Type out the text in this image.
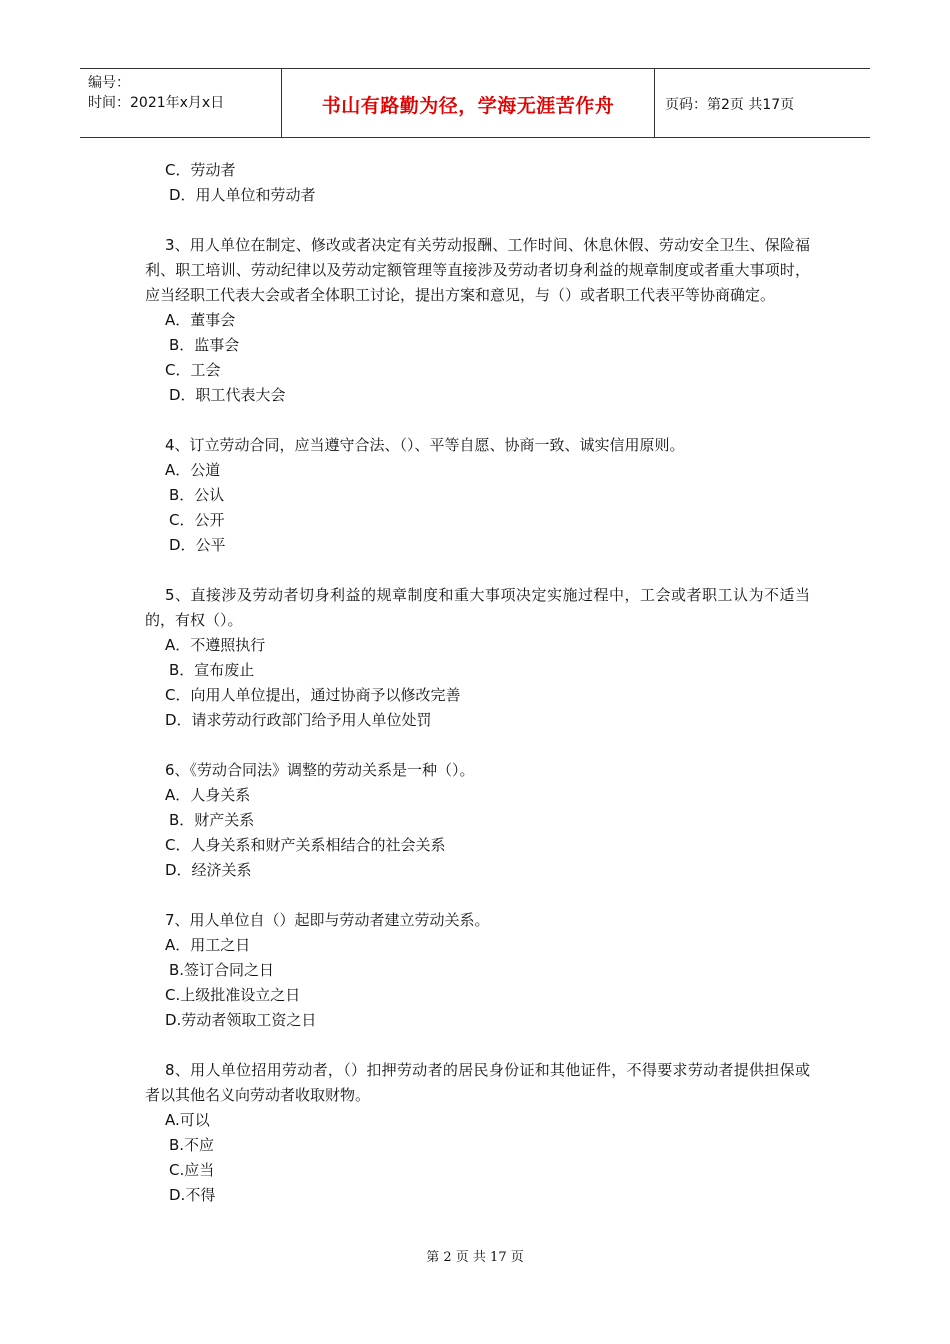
编号：
时间：2021年x月x日	书山有路勤为径，学海无涯苦作舟	页码：第2页 共17页
C．劳动者
D．用人单位和劳动者
3、用人单位在制定、修改或者决定有关劳动报酬、工作时间、休息休假、劳动安全卫生、保险福利、职工培训、劳动纪律以及劳动定额管理等直接涉及劳动者切身利益的规章制度或者重大事项时，应当经职工代表大会或者全体职工讨论，提出方案和意见，与（）或者职工代表平等协商确定。
A．董事会
B．监事会
C．工会
D．职工代表大会
4、订立劳动合同，应当遵守合法、（）、平等自愿、协商一致、诚实信用原则。
A．公道
B．公认
C．公开
D．公平
5、直接涉及劳动者切身利益的规章制度和重大事项决定实施过程中，工会或者职工认为不适当的，有权（）。
A．不遵照执行
B．宣布废止
C．向用人单位提出，通过协商予以修改完善
D．请求劳动行政部门给予用人单位处罚
6、《劳动合同法》调整的劳动关系是一种（）。
A．人身关系
B．财产关系
C．人身关系和财产关系相结合的社会关系
D．经济关系
7、用人单位自（）起即与劳动者建立劳动关系。
A．用工之日
B.签订合同之日
C.上级批准设立之日
D.劳动者领取工资之日
8、用人单位招用劳动者，（）扣押劳动者的居民身份证和其他证件，不得要求劳动者提供担保或者以其他名义向劳动者收取财物。
A.可以
B.不应
C.应当
D.不得
第 2 页 共 17 页
